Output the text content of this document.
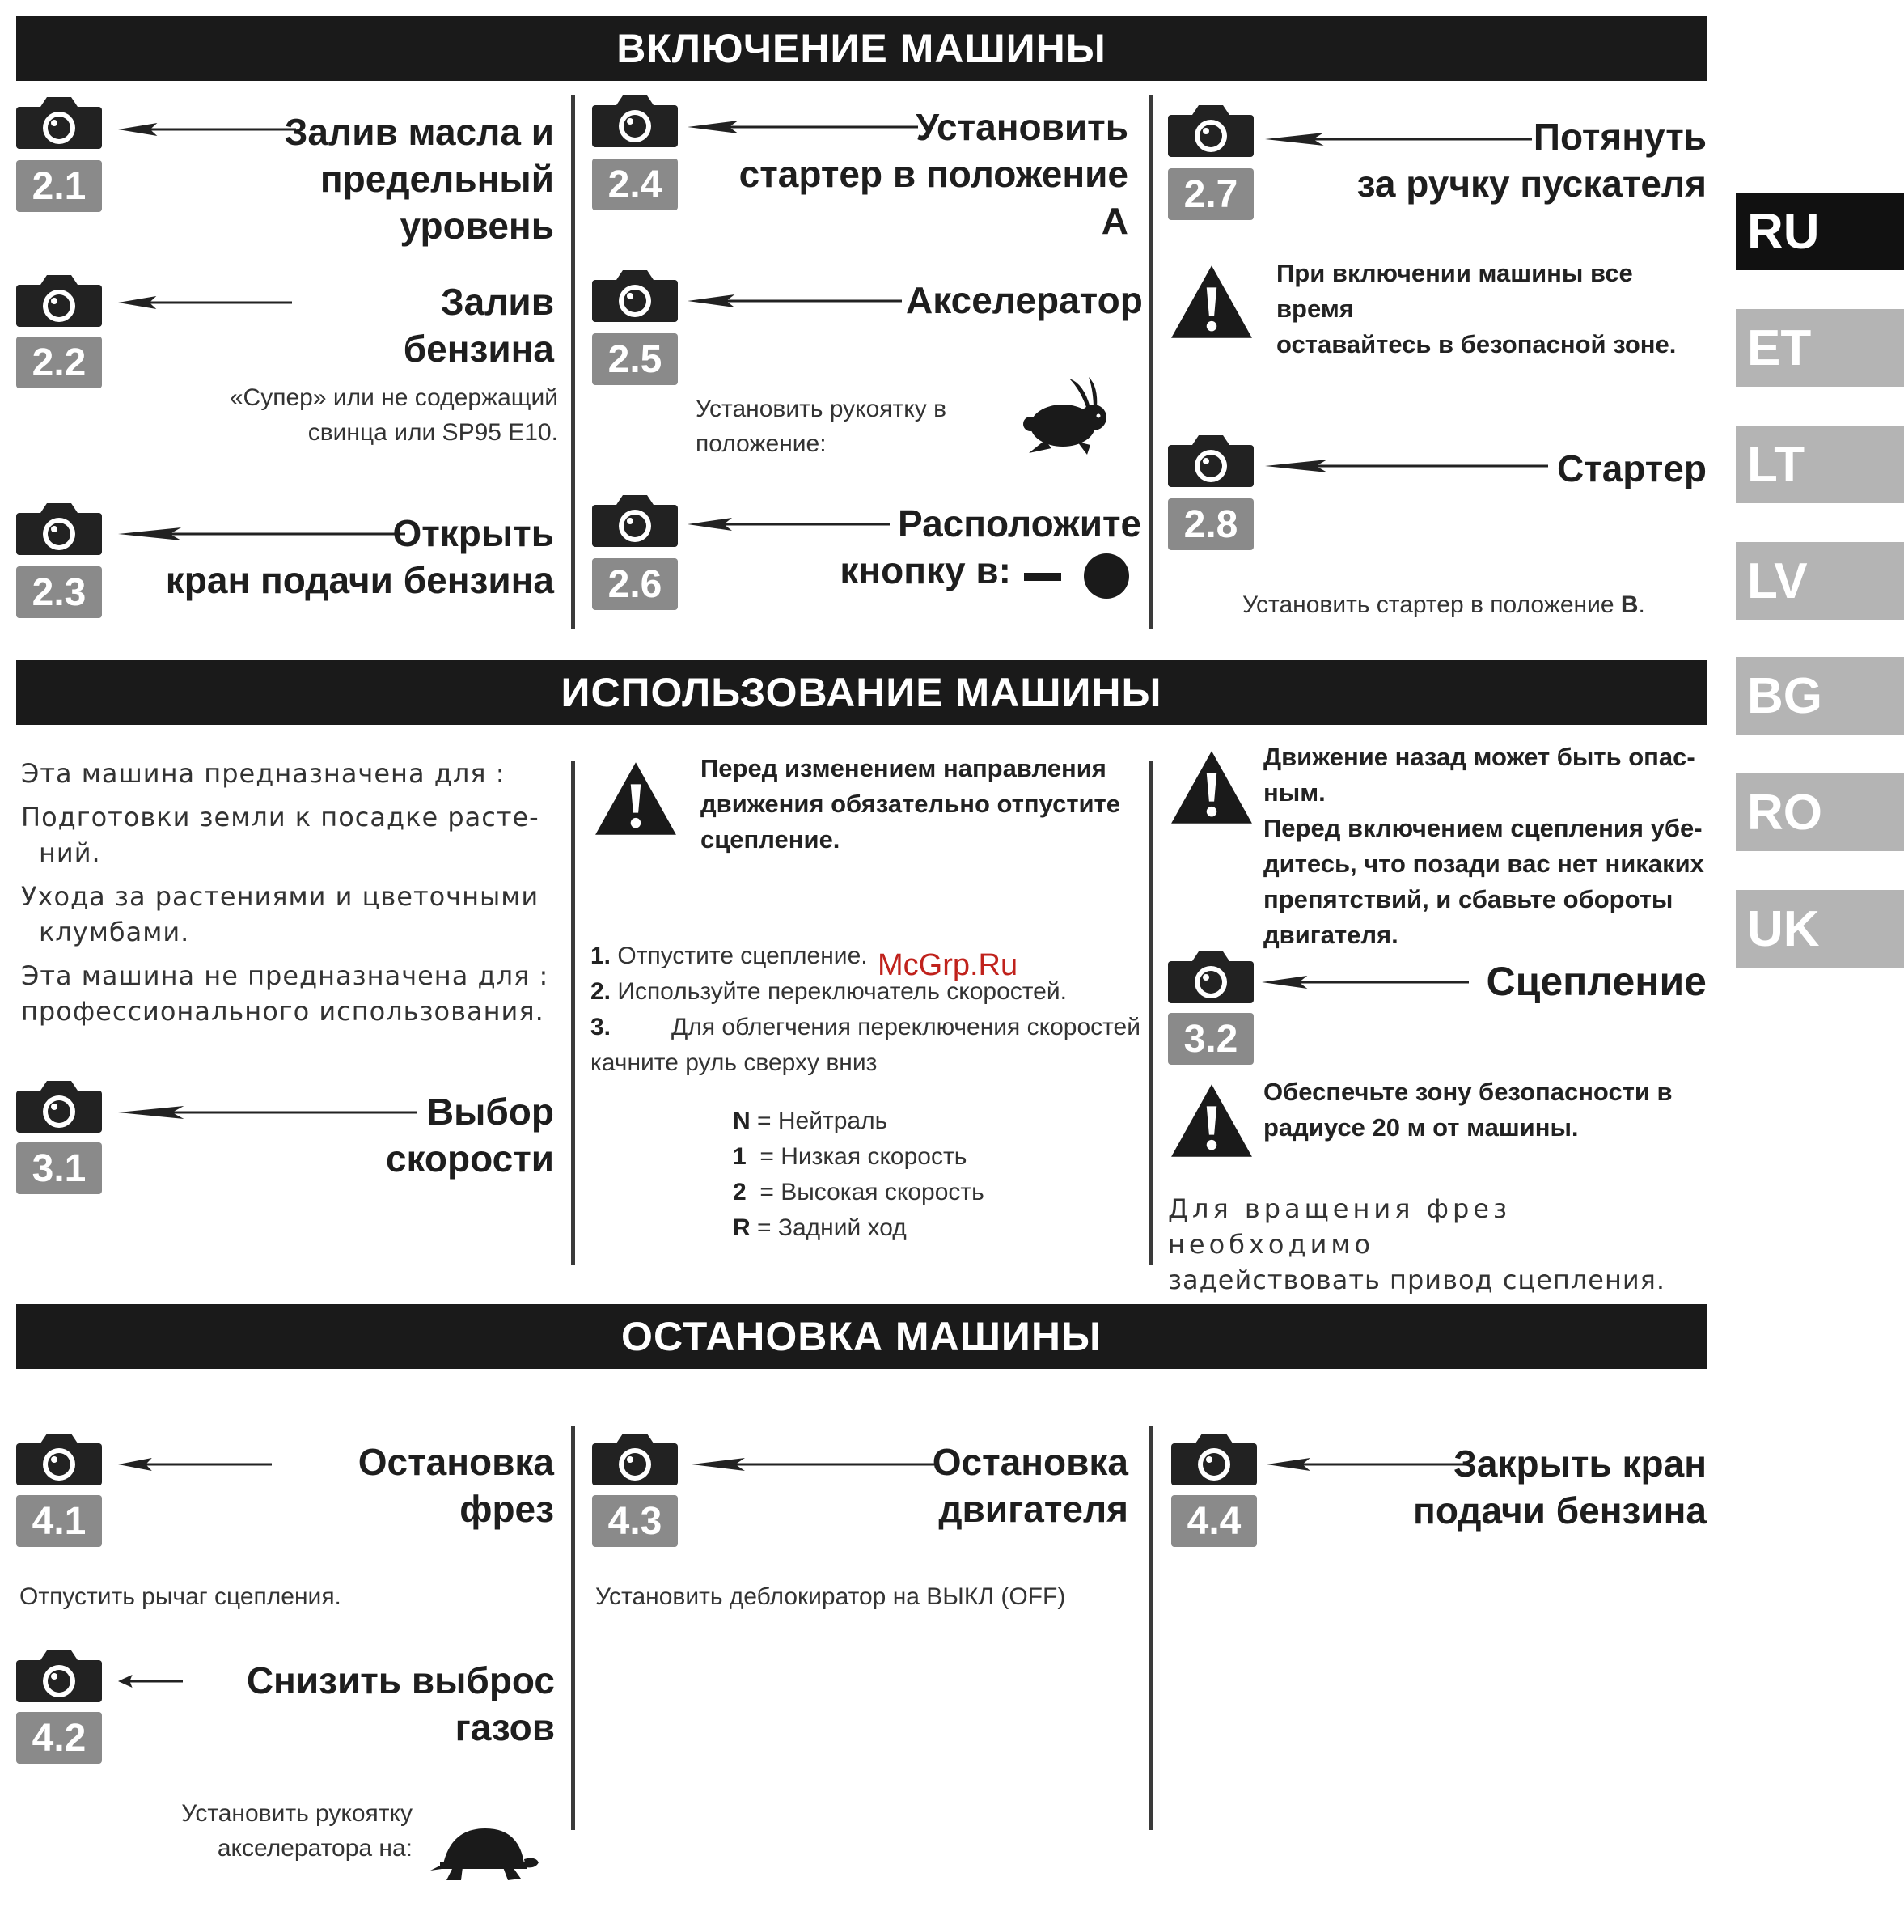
ВКЛЮЧЕНИЕ МАШИНЫ
2.1
Залив масла и
предельный
уровень
2.2
Залив бензина
«Супер» или не содержащий
свинца или SP95 E10.
2.3
Открыть
кран подачи бензина
2.4
Установить
стартер в положение А
2.5
Акселератор
Установить рукоятку в
положение:
2.6
Расположите
кнопку в:
2.7
Потянуть
за ручку пускателя
При включении машины все время
оставайтесь в безопасной зоне.
2.8
Стартер
Установить стартер в положение B.
ИСПОЛЬЗОВАНИЕ МАШИНЫ
Эта машина предназначена для :
Подготовки земли к посадке расте-
ний.
Ухода за растениями и цветочными
клумбами.
Эта машина не предназначена для :
профессионального использования.
3.1
Выбор
скорости
Перед изменением направления
движения обязательно отпустите
сцепление.
1. Отпустите сцепление.
2. Используйте переключатель скоростей.
3.	Для облегчения переключения скоростей
качните руль сверху вниз
N = Нейтраль
1 = Низкая скорость
2 = Высокая скорость
R = Задний ход
McGrp.Ru
Движение назад может быть опас-
ным.
Перед включением сцепления убе-
дитесь, что позади вас нет никаких
препятствий, и сбавьте обороты
двигателя.
3.2
Сцепление
Обеспечьте зону безопасности в
радиусе 20 м от машины.
Для вращения фрез необходимо
задействовать привод сцепления.
ОСТАНОВКА МАШИНЫ
4.1
Остановка фрез
Отпустить рычаг сцепления.
4.2
Снизить выброс газов
Установить рукоятку
акселератора на:
4.3
Остановка
двигателя
Установить деблокиратор на ВЫКЛ (OFF)
4.4
Закрыть кран
подачи бензина
RU
ET
LT
LV
BG
RO
UK
